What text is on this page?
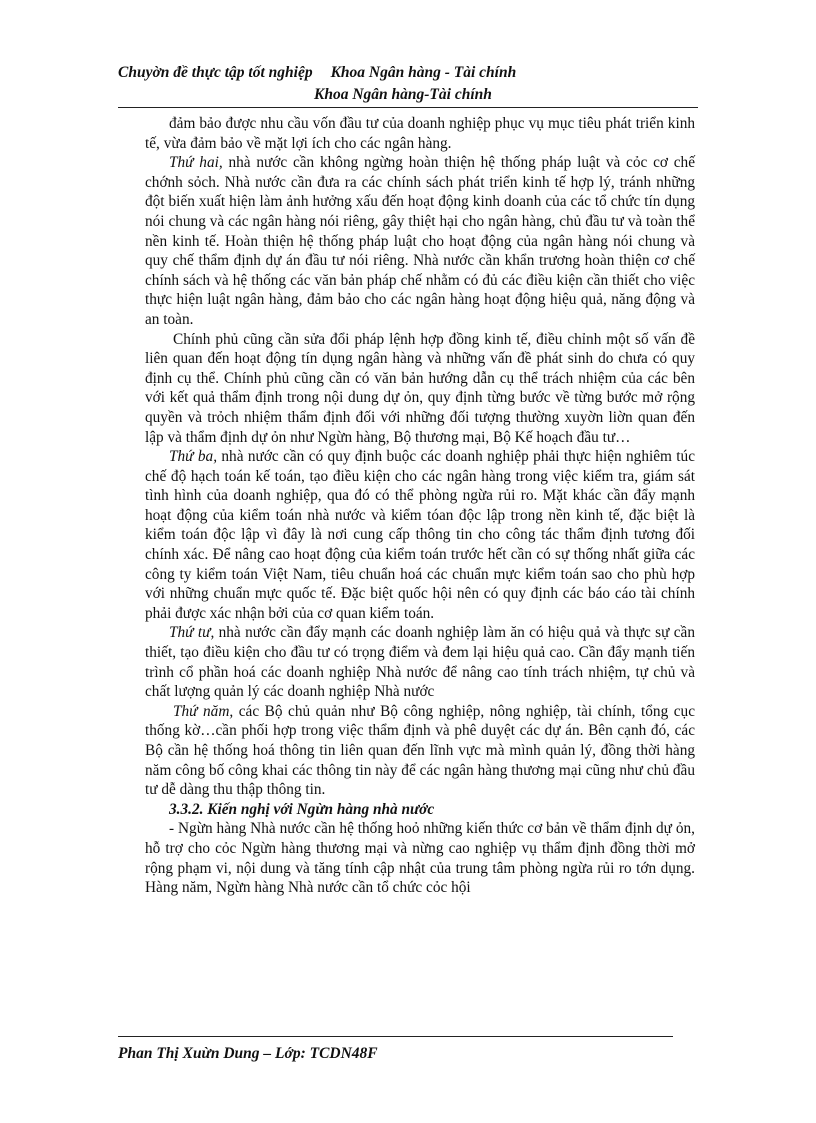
Chuyờn đề thực tập tốt nghiệp Khoa Ngân hàng - Tài chính
Khoa Ngân hàng-Tài chính

đảm bảo được nhu cầu vốn đầu tư của doanh nghiệp phục vụ mục tiêu phát triển kinh tế, vừa đảm bảo về mặt lợi ích cho các ngân hàng.

Thứ hai, nhà nước cần không ngừng hoàn thiện hệ thống pháp luật và cỏc cơ chế chớnh sỏch. Nhà nước cần đưa ra các chính sách phát triển kinh tế hợp lý, tránh những đột biến xuất hiện làm ảnh hưởng xấu đến hoạt động kinh doanh của các tổ chức tín dụng nói chung và các ngân hàng nói riêng, gây thiệt hại cho ngân hàng, chủ đầu tư và toàn thể nền kinh tế. Hoàn thiện hệ thống pháp luật cho hoạt động của ngân hàng nói chung và quy chế thẩm định dự án đầu tư nói riêng. Nhà nước cần khẩn trương hoàn thiện cơ chế chính sách và hệ thống các văn bản pháp chế nhằm có đủ các điều kiện cần thiết cho việc thực hiện luật ngân hàng, đảm bảo cho các ngân hàng hoạt động hiệu quả, năng động và an toàn.

Chính phủ cũng cần sửa đổi pháp lệnh hợp đồng kinh tế, điều chỉnh một số vấn đề liên quan đến hoạt động tín dụng ngân hàng và những vấn đề phát sinh do chưa có quy định cụ thể. Chính phủ cũng cần có văn bản hướng dẫn cụ thể trách nhiệm của các bên với kết quả thẩm định trong nội dung dự ỏn, quy định từng bước về từng bước mở rộng quyền và trỏch nhiệm thẩm định đối với những đối tượng thường xuyờn liờn quan đến lập và thẩm định dự ỏn như Ngừn hàng, Bộ thương mại, Bộ Kế hoạch đầu tư…

Thứ ba, nhà nước cần có quy định buộc các doanh nghiệp phải thực hiện nghiêm túc chế độ hạch toán kế toán, tạo điều kiện cho các ngân hàng trong việc kiểm tra, giám sát tình hình của doanh nghiệp, qua đó có thể phòng ngừa rủi ro. Mặt khác cần đẩy mạnh hoạt động của kiểm toán nhà nước và kiểm tóan độc lập trong nền kinh tế, đặc biệt là kiểm toán độc lập vì đây là nơi cung cấp thông tin cho công tác thẩm định tương đối chính xác. Để nâng cao hoạt động của kiểm toán trước hết cần có sự thống nhất giữa các công ty kiểm toán Việt Nam, tiêu chuẩn hoá các chuẩn mực kiểm toán sao cho phù hợp với những chuẩn mực quốc tế. Đặc biệt quốc hội nên có quy định các báo cáo tài chính phải được xác nhận bởi của cơ quan kiểm toán.

Thứ tư, nhà nước cần đẩy mạnh các doanh nghiệp làm ăn có hiệu quả và thực sự cần thiết, tạo điều kiện cho đầu tư có trọng điểm và đem lại hiệu quả cao. Cần đẩy mạnh tiến trình cổ phần hoá các doanh nghiệp Nhà nước để nâng cao tính trách nhiệm, tự chủ và chất lượng quản lý các doanh nghiệp Nhà nước

Thứ năm, các Bộ chủ quản như Bộ công nghiệp, nông nghiệp, tài chính, tổng cục thống kờ…cần phối hợp trong việc thẩm định và phê duyệt các dự án. Bên cạnh đó, các Bộ cần hệ thống hoá thông tin liên quan đến lĩnh vực mà mình quản lý, đồng thời hàng năm công bố công khai các thông tin này để các ngân hàng thương mại cũng như chủ đầu tư dễ dàng thu thập thông tin.

3.3.2. Kiến nghị với Ngừn hàng nhà nước

- Ngừn hàng Nhà nước cần hệ thống hoỏ những kiến thức cơ bản về thẩm định dự ỏn, hỗ trợ cho cỏc Ngừn hàng thương mại và nừng cao nghiệp vụ thẩm định đồng thời mở rộng phạm vi, nội dung và tăng tính cập nhật của trung tâm phòng ngừa rủi ro tớn dụng. Hàng năm, Ngừn hàng Nhà nước cần tổ chức cỏc hội

Phan Thị Xuừn Dung – Lớp: TCDN48F
